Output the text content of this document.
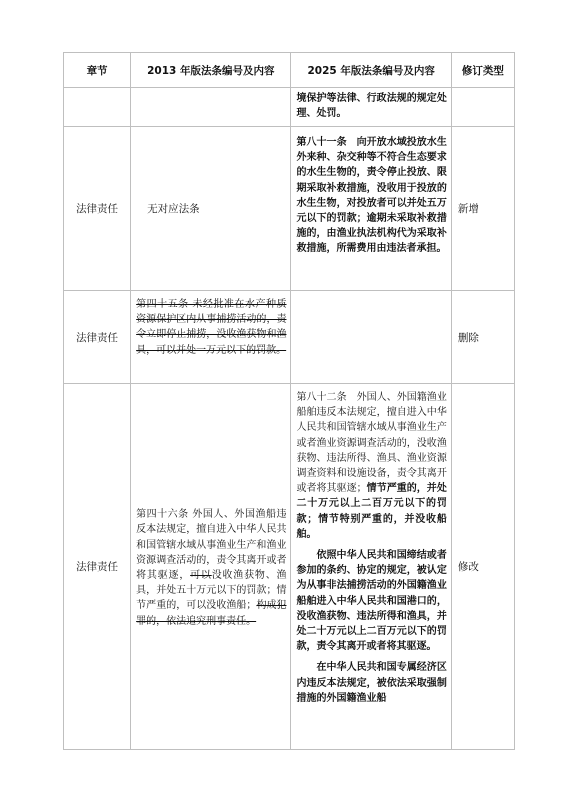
章节	2013 年版法条编号及内容	2025 年版法条编号及内容	修订类型
		境保护等法律、行政法规的规定处理、处罚。	
法律责任	无对应法条	第八十一条　向开放水域投放水生外来种、杂交种等不符合生态要求的水生生物的，责令停止投放、限期采取补救措施，没收用于投放的水生生物，对投放者可以并处五万元以下的罚款；逾期未采取补救措施的，由渔业执法机构代为采取补救措施，所需费用由违法者承担。	新增
法律责任	第四十五条 未经批准在水产种质资源保护区内从事捕捞活动的，责令立即停止捕捞，没收渔获物和渔具，可以并处一万元以下的罚款。		删除
法律责任	第四十六条 外国人、外国渔船违反本法规定，擅自进入中华人民共和国管辖水域从事渔业生产和渔业资源调查活动的，责令其离开或者将其驱逐，可以没收渔获物、渔具，并处五十万元以下的罚款；情节严重的，可以没收渔船；构成犯罪的，依法追究刑事责任。	第八十二条　外国人、外国籍渔业船舶违反本法规定，擅自进入中华人民共和国管辖水域从事渔业生产或者渔业资源调查活动的，没收渔获物、违法所得、渔具、渔业资源调查资料和设施设备，责令其离开或者将其驱逐；情节严重的，并处二十万元以上二百万元以下的罚款；情节特别严重的，并没收船舶。

依照中华人民共和国缔结或者参加的条约、协定的规定，被认定为从事非法捕捞活动的外国籍渔业船舶进入中华人民共和国港口的，没收渔获物、违法所得和渔具，并处二十万元以上二百万元以下的罚款，责令其离开或者将其驱逐。

在中华人民共和国专属经济区内违反本法规定，被依法采取强制措施的外国籍渔业船	修改
